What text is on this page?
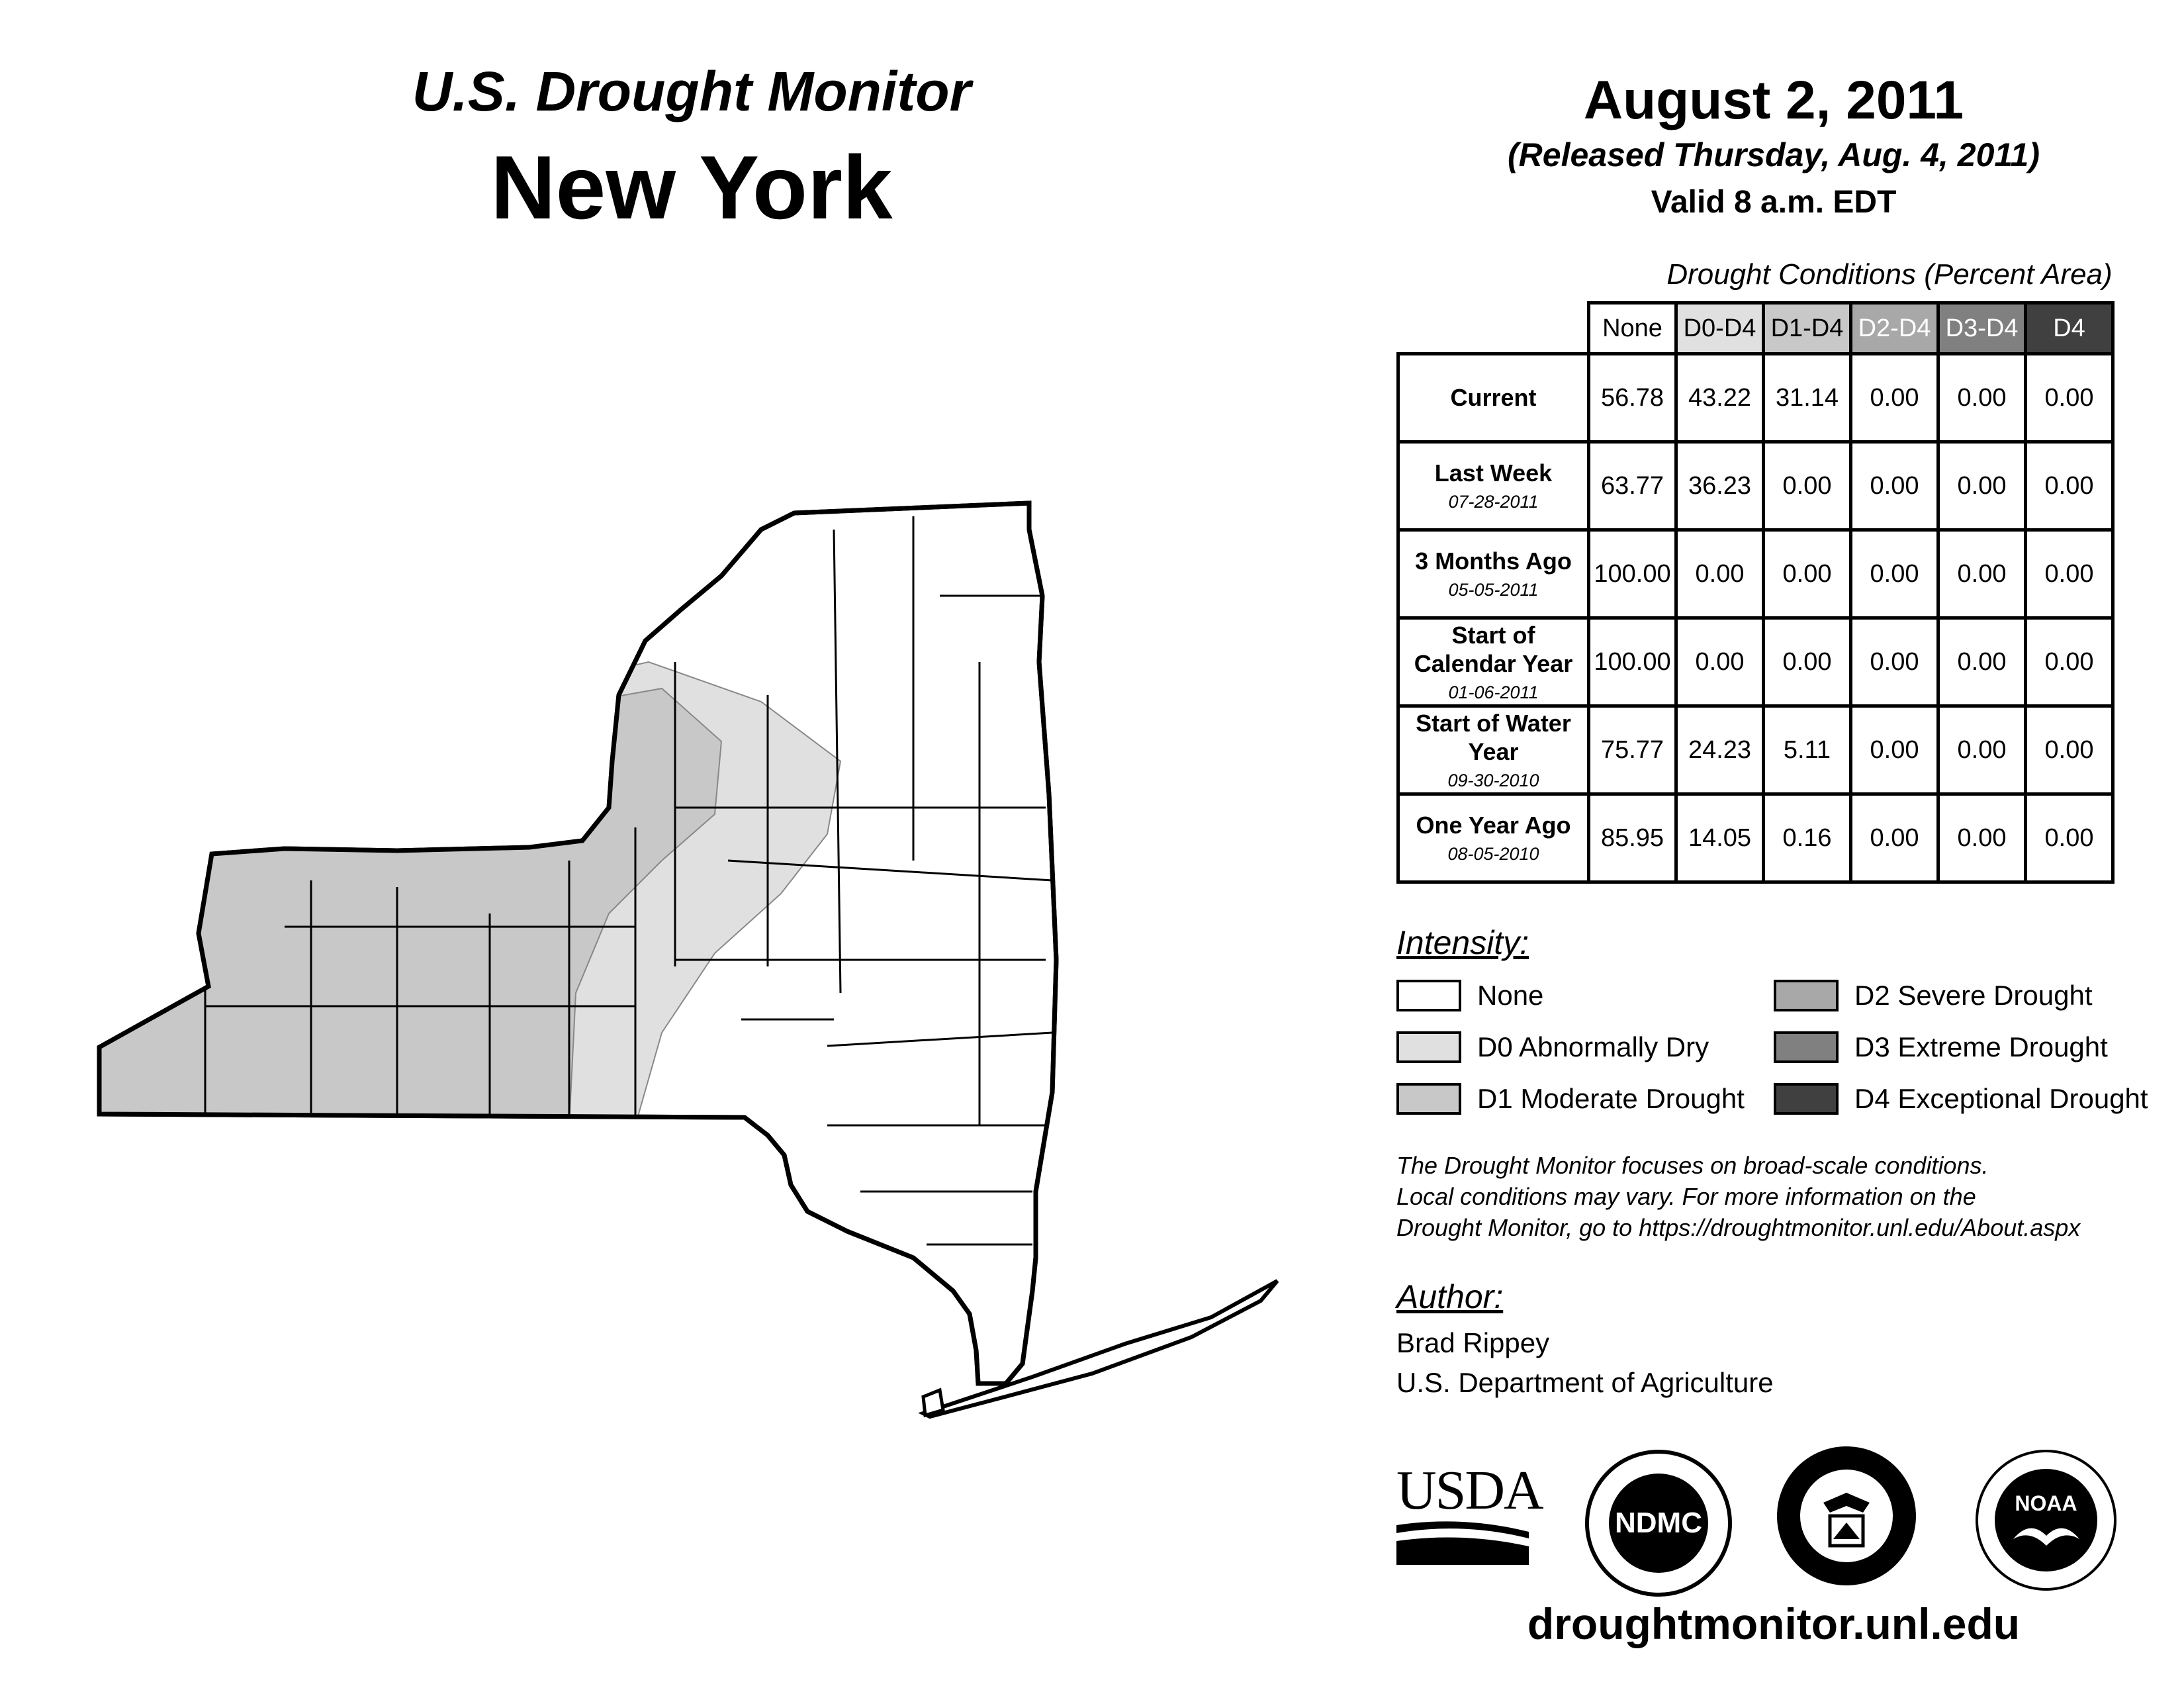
U.S. Drought Monitor
New York
August 2, 2011
(Released Thursday, Aug. 4, 2011)
Valid 8 a.m. EDT
Drought Conditions (Percent Area)
	None	D0-D4	D1-D4	D2-D4	D3-D4	D4
Current	56.78	43.22	31.14	0.00	0.00	0.00
Last Week
07-28-2011	63.77	36.23	0.00	0.00	0.00	0.00
3 Months Ago
05-05-2011	100.00	0.00	0.00	0.00	0.00	0.00
Start of Calendar Year
01-06-2011	100.00	0.00	0.00	0.00	0.00	0.00
Start of Water Year
09-30-2010	75.77	24.23	5.11	0.00	0.00	0.00
One Year Ago
08-05-2010	85.95	14.05	0.16	0.00	0.00	0.00
Intensity:
None
D0 Abnormally Dry
D1 Moderate Drought
D2 Severe Drought
D3 Extreme Drought
D4 Exceptional Drought
The Drought Monitor focuses on broad-scale conditions.
Local conditions may vary. For more information on the
Drought Monitor, go to https://droughtmonitor.unl.edu/About.aspx
Author:
Brad Rippey
U.S. Department of Agriculture
USDA
NDMC
NOAA
droughtmonitor.unl.edu
